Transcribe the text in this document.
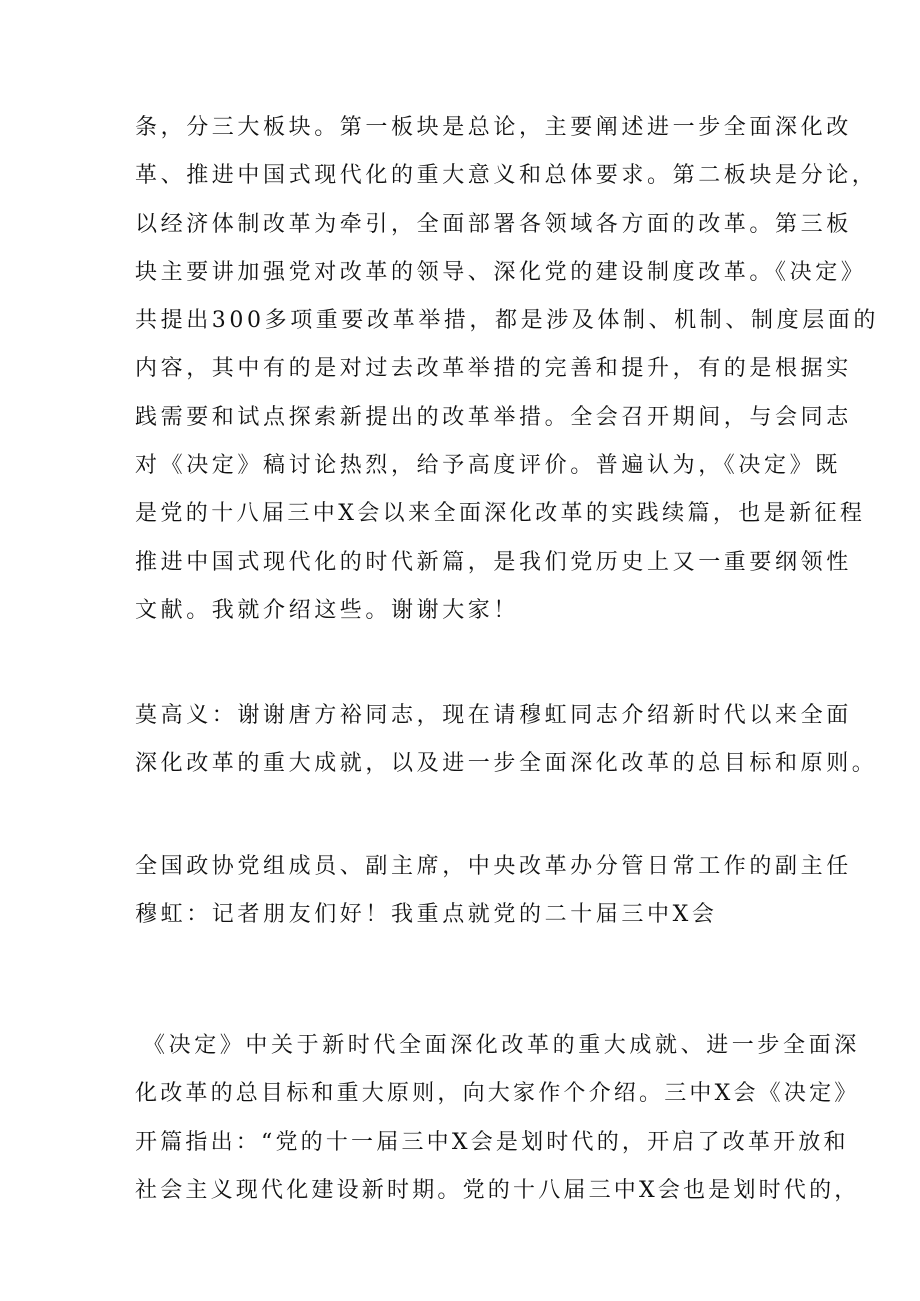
条，分三大板块。第一板块是总论，主要阐述进一步全面深化改
革、推进中国式现代化的重大意义和总体要求。第二板块是分论，
以经济体制改革为牵引，全面部署各领域各方面的改革。第三板
块主要讲加强党对改革的领导、深化党的建设制度改革。《决定》
共提出300多项重要改革举措，都是涉及体制、机制、制度层面的
内容，其中有的是对过去改革举措的完善和提升，有的是根据实
践需要和试点探索新提出的改革举措。全会召开期间，与会同志
对《决定》稿讨论热烈，给予高度评价。普遍认为，《决定》既
是党的十八届三中X会以来全面深化改革的实践续篇，也是新征程
推进中国式现代化的时代新篇，是我们党历史上又一重要纲领性
文献。我就介绍这些。谢谢大家！
莫高义：谢谢唐方裕同志，现在请穆虹同志介绍新时代以来全面
深化改革的重大成就，以及进一步全面深化改革的总目标和原则。
全国政协党组成员、副主席，中央改革办分管日常工作的副主任
穆虹：记者朋友们好！我重点就党的二十届三中X会
《决定》中关于新时代全面深化改革的重大成就、进一步全面深
化改革的总目标和重大原则，向大家作个介绍。三中X会《决定》
开篇指出：“党的十一届三中X会是划时代的，开启了改革开放和
社会主义现代化建设新时期。党的十八届三中X会也是划时代的，
